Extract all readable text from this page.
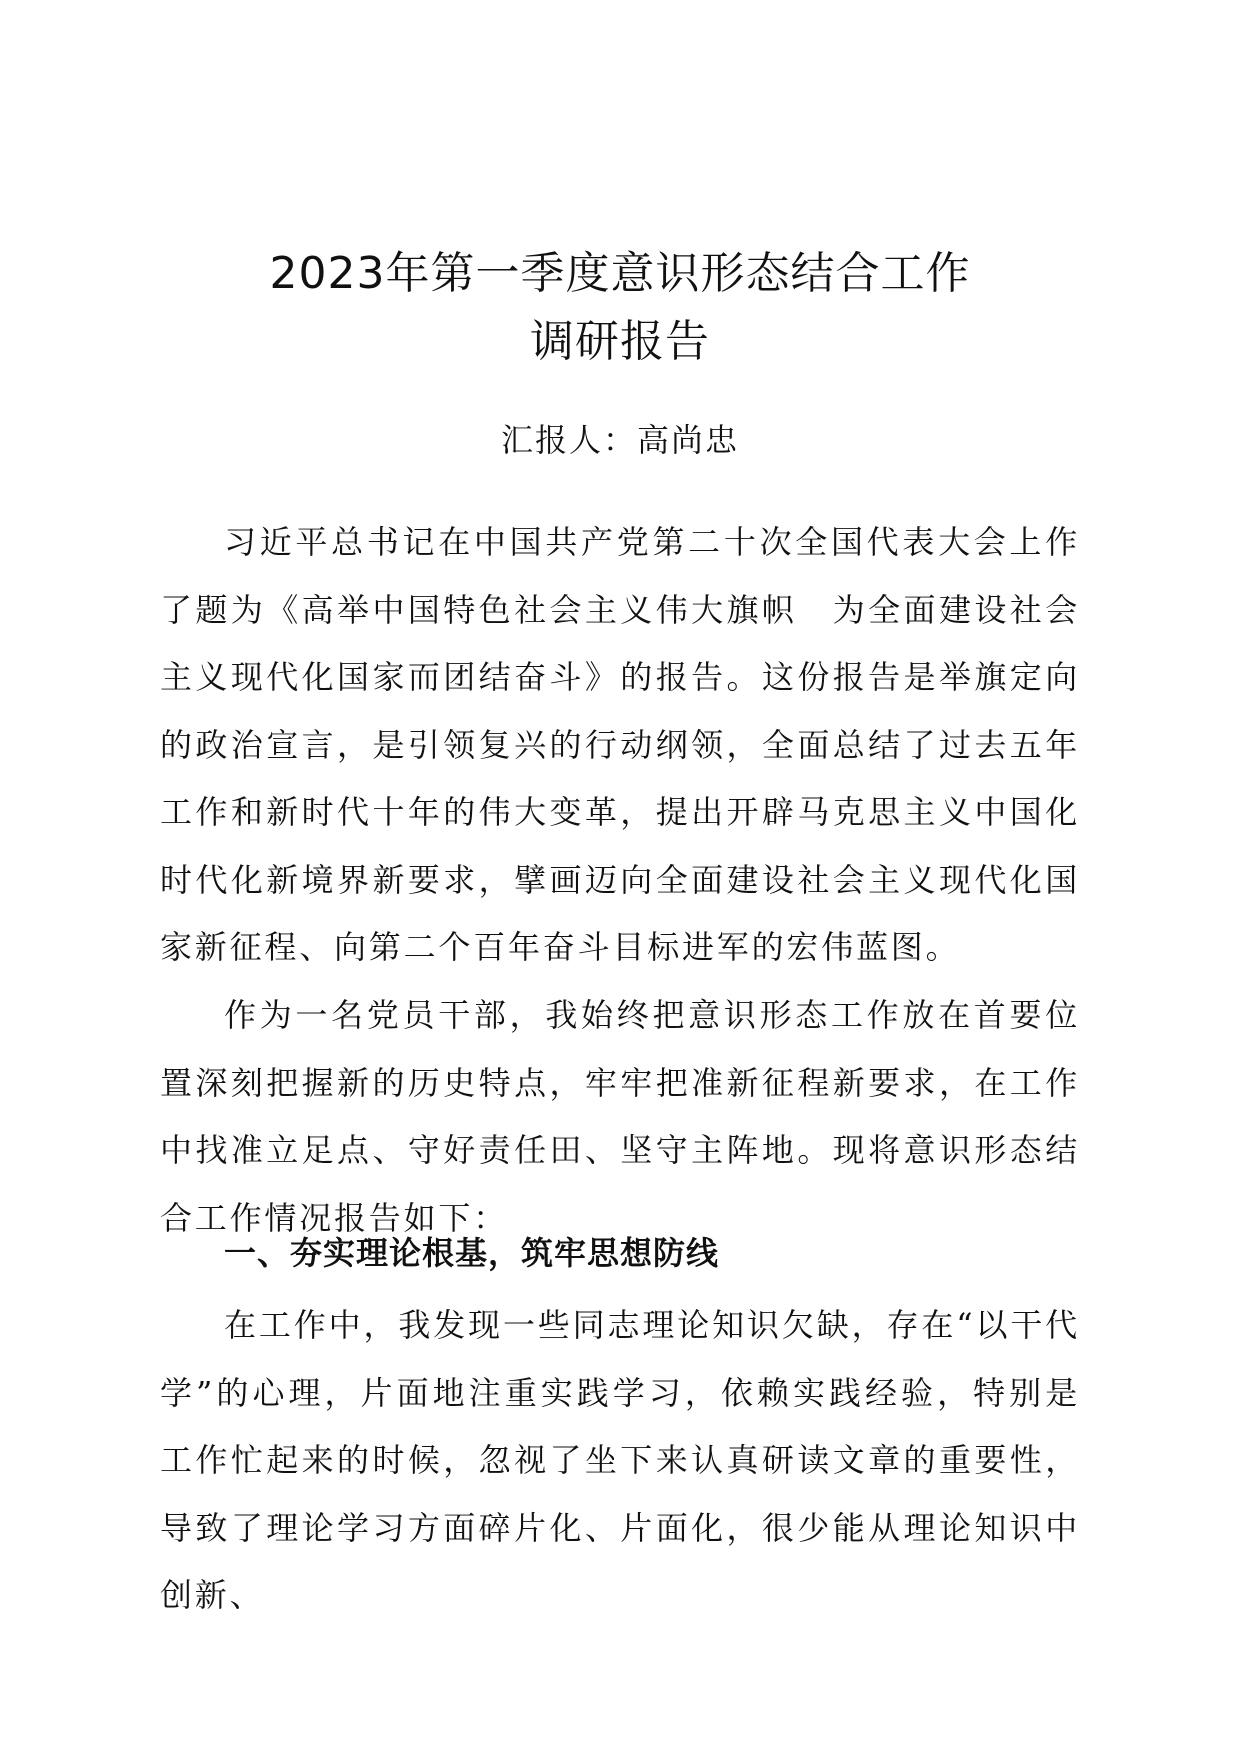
2023年第一季度意识形态结合工作
调研报告

汇报人：高尚忠

习近平总书记在中国共产党第二十次全国代表大会上作了题为《高举中国特色社会主义伟大旗帜　为全面建设社会主义现代化国家而团结奋斗》的报告。这份报告是举旗定向的政治宣言，是引领复兴的行动纲领，全面总结了过去五年工作和新时代十年的伟大变革，提出开辟马克思主义中国化时代化新境界新要求，擘画迈向全面建设社会主义现代化国家新征程、向第二个百年奋斗目标进军的宏伟蓝图。

作为一名党员干部，我始终把意识形态工作放在首要位置深刻把握新的历史特点，牢牢把准新征程新要求，在工作中找准立足点、守好责任田、坚守主阵地。现将意识形态结合工作情况报告如下：

一、夯实理论根基，筑牢思想防线

在工作中，我发现一些同志理论知识欠缺，存在“以干代学”的心理，片面地注重实践学习，依赖实践经验，特别是工作忙起来的时候，忽视了坐下来认真研读文章的重要性，导致了理论学习方面碎片化、片面化，很少能从理论知识中创新、
